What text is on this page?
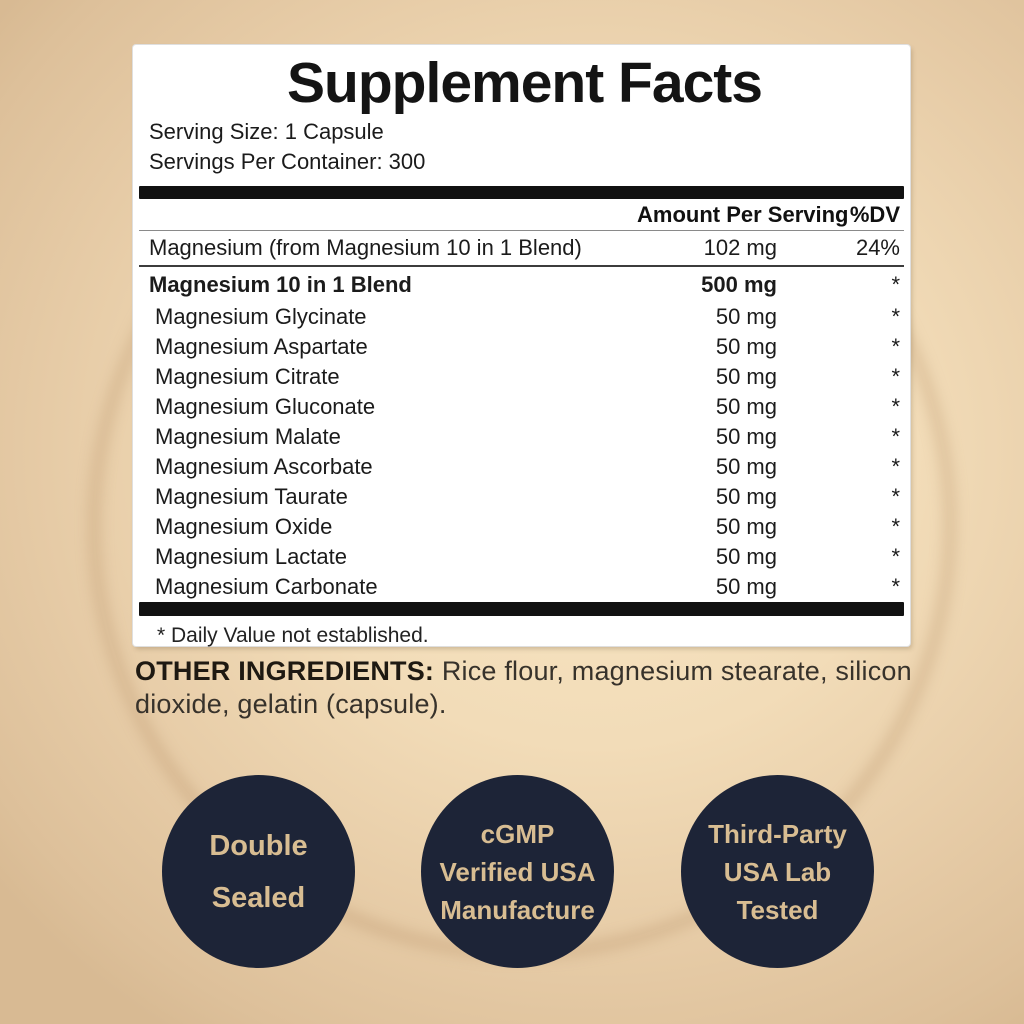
Supplement Facts
Serving Size: 1 Capsule
Servings Per Container: 300
Amount Per Serving %DV
Magnesium (from Magnesium 10 in 1 Blend)	102 mg	24%
Magnesium 10 in 1 Blend	500 mg	*
Magnesium Glycinate	50 mg	*
Magnesium Aspartate	50 mg	*
Magnesium Citrate	50 mg	*
Magnesium Gluconate	50 mg	*
Magnesium Malate	50 mg	*
Magnesium Ascorbate	50 mg	*
Magnesium Taurate	50 mg	*
Magnesium Oxide	50 mg	*
Magnesium Lactate	50 mg	*
Magnesium Carbonate	50 mg	*
* Daily Value not established.
OTHER INGREDIENTS: Rice flour, magnesium stearate, silicon dioxide, gelatin (capsule).
Double
Sealed
cGMP
Verified USA
Manufacture
Third-Party
USA Lab
Tested
